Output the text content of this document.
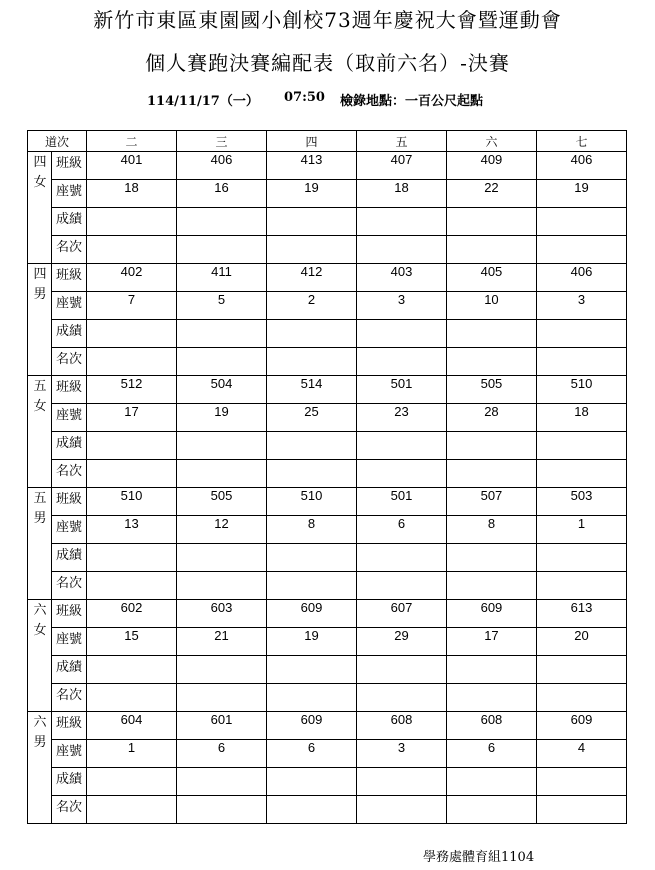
新竹市東區東園國小創校73週年慶祝大會暨運動會
個人賽跑決賽編配表（取前六名）-決賽
114/11/17（一） 07:50 檢錄地點：一百公尺起點
道次		二	三	四	五	六	七
四女	班級	401	406	413	407	409	406
	座號	18	16	19	18	22	19
	成績						
	名次						
四男	班級	402	411	412	403	405	406
	座號	7	5	2	3	10	3
	成績						
	名次						
五女	班級	512	504	514	501	505	510
	座號	17	19	25	23	28	18
	成績						
	名次						
五男	班級	510	505	510	501	507	503
	座號	13	12	8	6	8	1
	成績						
	名次						
六女	班級	602	603	609	607	609	613
	座號	15	21	19	29	17	20
	成績						
	名次						
六男	班級	604	601	609	608	608	609
	座號	1	6	6	3	6	4
	成績						
	名次						
學務處體育組1104
